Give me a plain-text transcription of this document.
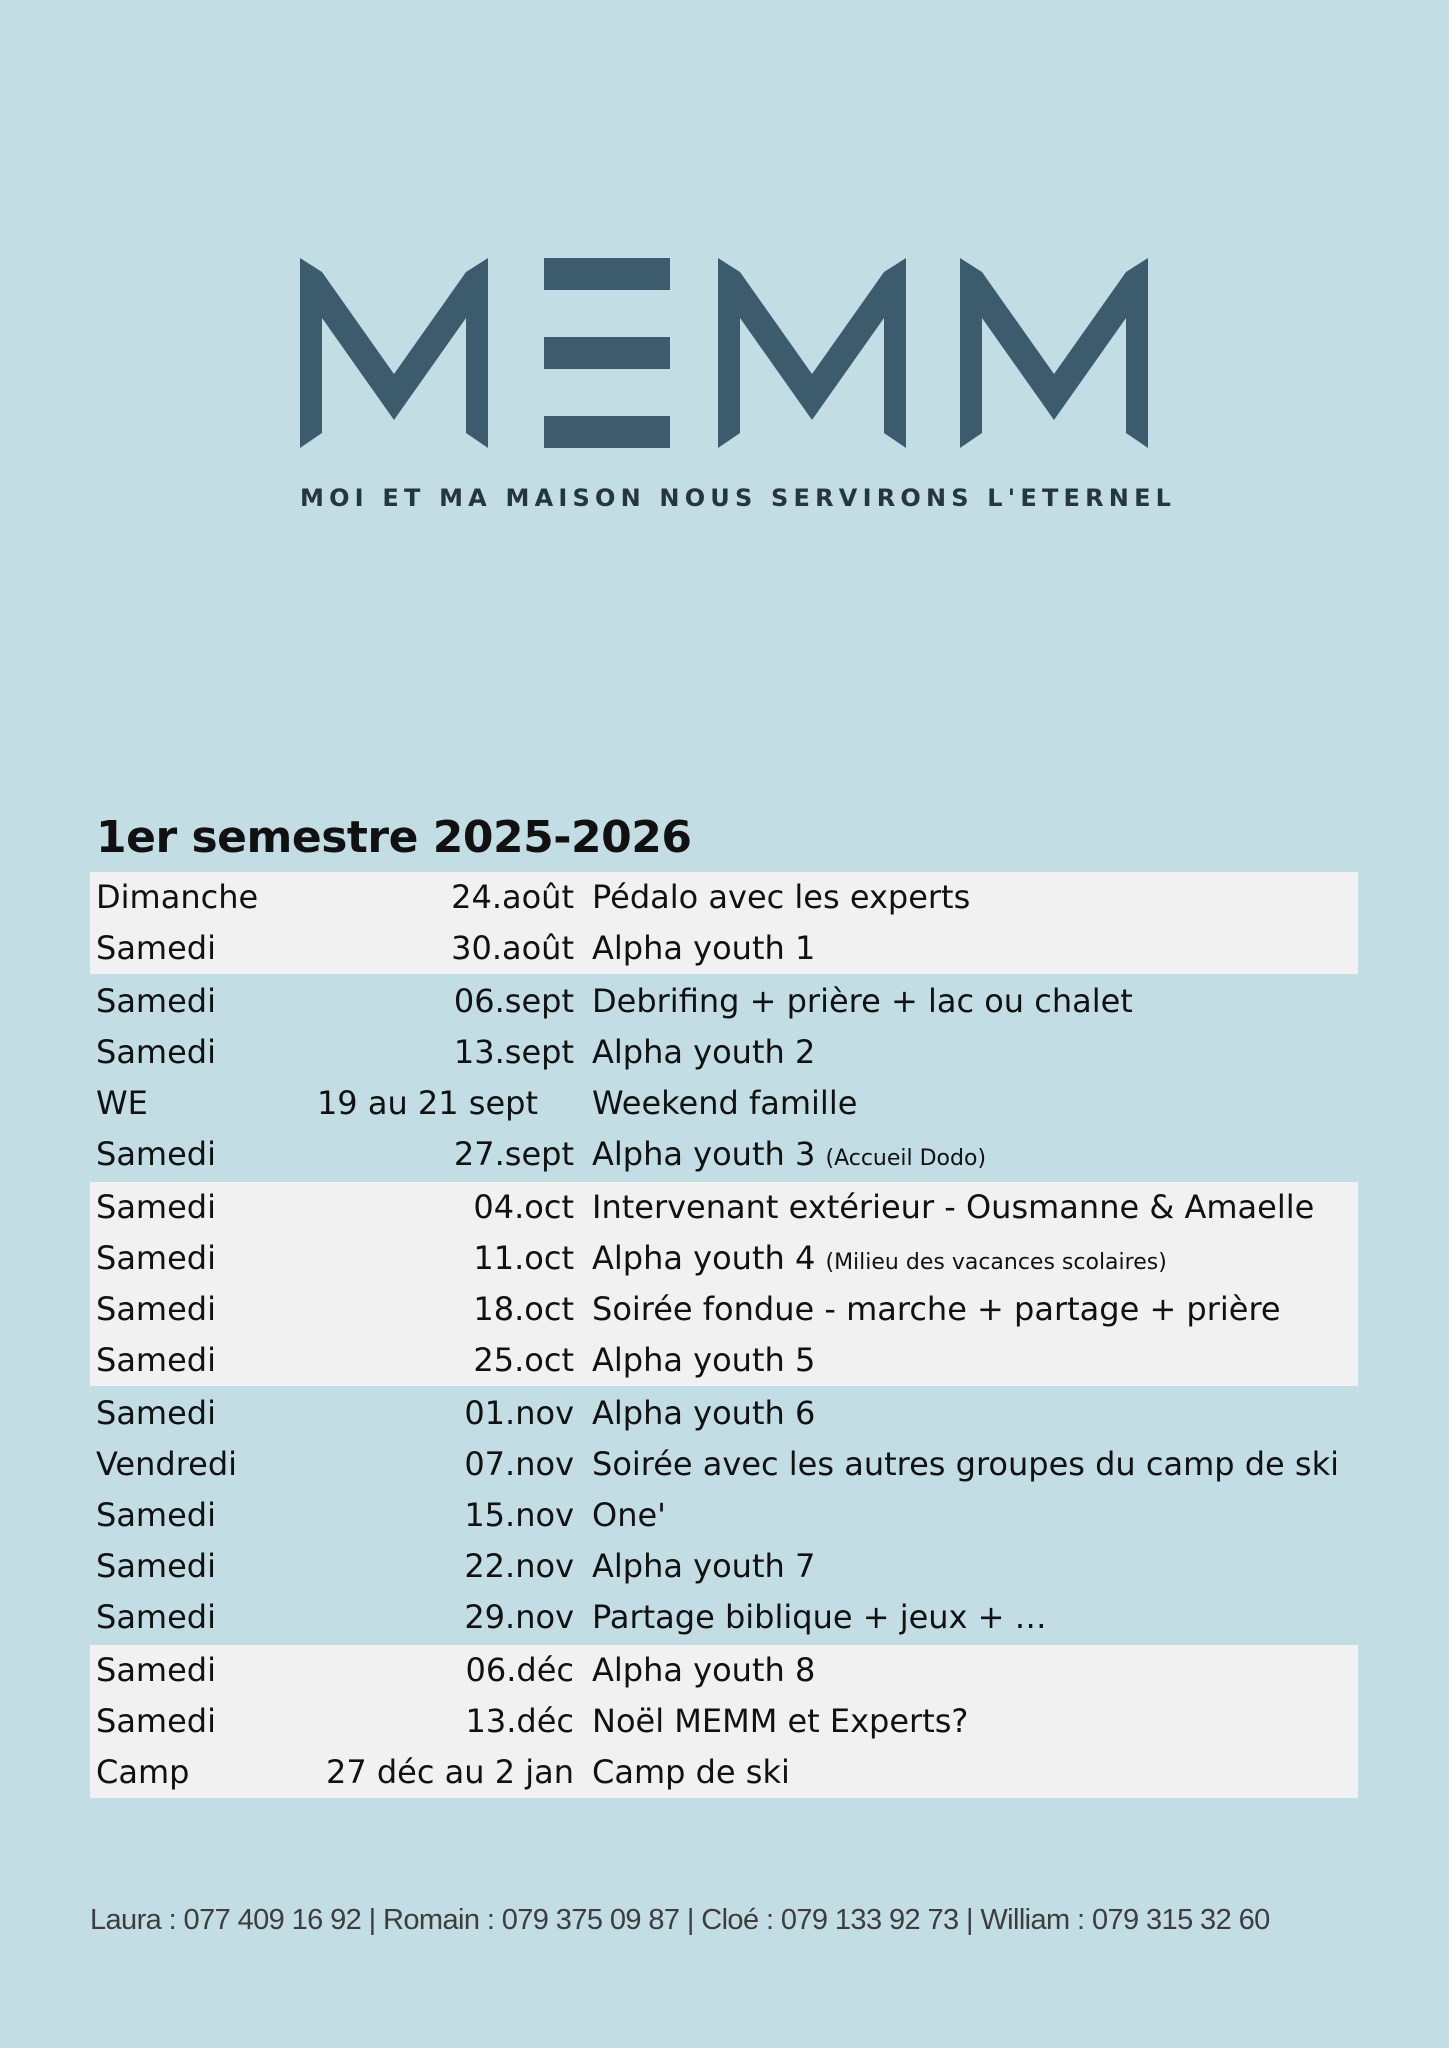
MOI ET MA MAISON NOUS SERVIRONS L'ETERNEL
1er semestre 2025-2026
Dimanche	24.août Pédalo avec les experts
Samedi	30.août Alpha youth 1
Samedi	06.sept Debrifing + prière + lac ou chalet
Samedi	13.sept Alpha youth 2
WE	19 au 21 sept Weekend famille
Samedi	27.sept Alpha youth 3 (Accueil Dodo)
Samedi	04.oct Intervenant extérieur - Ousmanne & Amaelle
Samedi	11.oct Alpha youth 4 (Milieu des vacances scolaires)
Samedi	18.oct Soirée fondue - marche + partage + prière
Samedi	25.oct Alpha youth 5
Samedi	01.nov Alpha youth 6
Vendredi	07.nov Soirée avec les autres groupes du camp de ski
Samedi	15.nov One'
Samedi	22.nov Alpha youth 7
Samedi	29.nov Partage biblique + jeux + …
Samedi	06.déc Alpha youth 8
Samedi	13.déc Noël MEMM et Experts?
Camp	27 déc au 2 jan Camp de ski
Laura : 077 409 16 92 | Romain : 079 375 09 87 | Cloé : 079 133 92 73 | William : 079 315 32 60
